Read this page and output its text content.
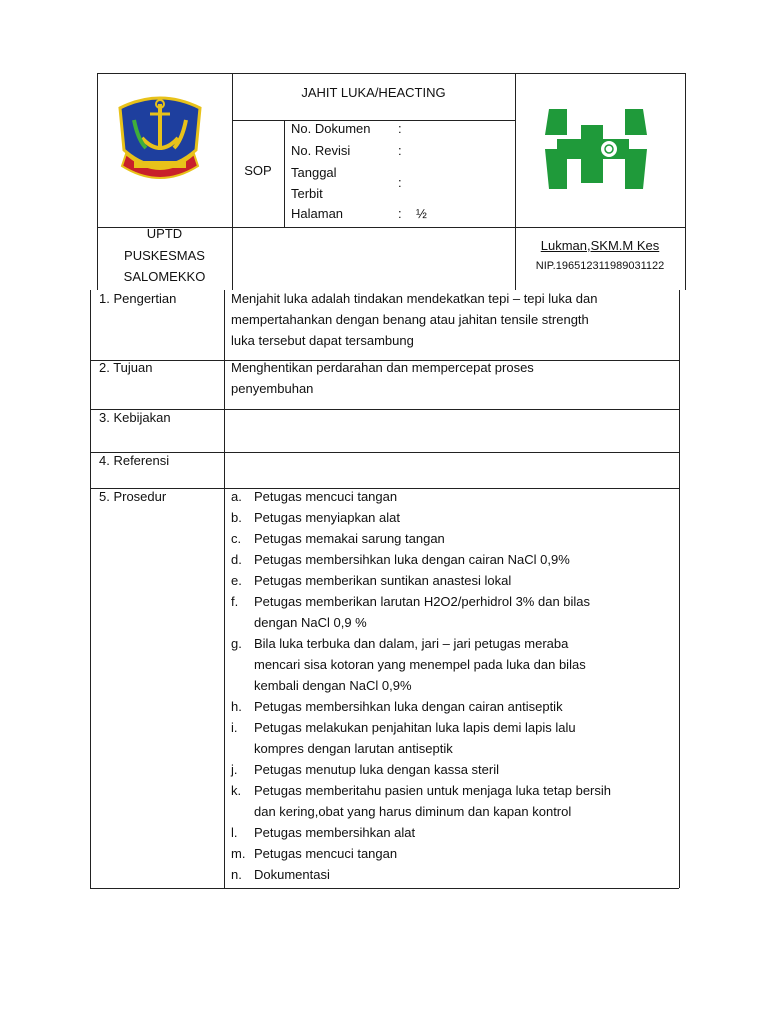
JAHIT LUKA/HEACTING
SOP
No. Dokumen :
No. Revisi	:
Tanggal
Terbit
:
Halaman	: ½
UPTD
PUSKESMAS
SALOMEKKO
Lukman,SKM.M Kes
NIP.196512311989031122
1. Pengertian	Menjahit luka adalah tindakan mendekatkan tepi – tepi luka dan
mempertahankan dengan benang atau jahitan tensile strength
luka tersebut dapat tersambung
2. Tujuan	Menghentikan perdarahan dan mempercepat proses
penyembuhan
3. Kebijakan
4. Referensi
5. Prosedur	a. Petugas mencuci tangan
b. Petugas menyiapkan alat
c. Petugas memakai sarung tangan
d. Petugas membersihkan luka dengan cairan NaCl 0,9%
e. Petugas memberikan suntikan anastesi lokal
f. Petugas memberikan larutan H2O2/perhidrol 3% dan bilas
dengan NaCl 0,9 %
g. Bila luka terbuka dan dalam, jari – jari petugas meraba
mencari sisa kotoran yang menempel pada luka dan bilas
kembali dengan NaCl 0,9%
h. Petugas membersihkan luka dengan cairan antiseptik
i. Petugas melakukan penjahitan luka lapis demi lapis lalu
kompres dengan larutan antiseptik
j. Petugas menutup luka dengan kassa steril
k. Petugas memberitahu pasien untuk menjaga luka tetap bersih
dan kering,obat yang harus diminum dan kapan kontrol
l. Petugas membersihkan alat
m. Petugas mencuci tangan
n. Dokumentasi
